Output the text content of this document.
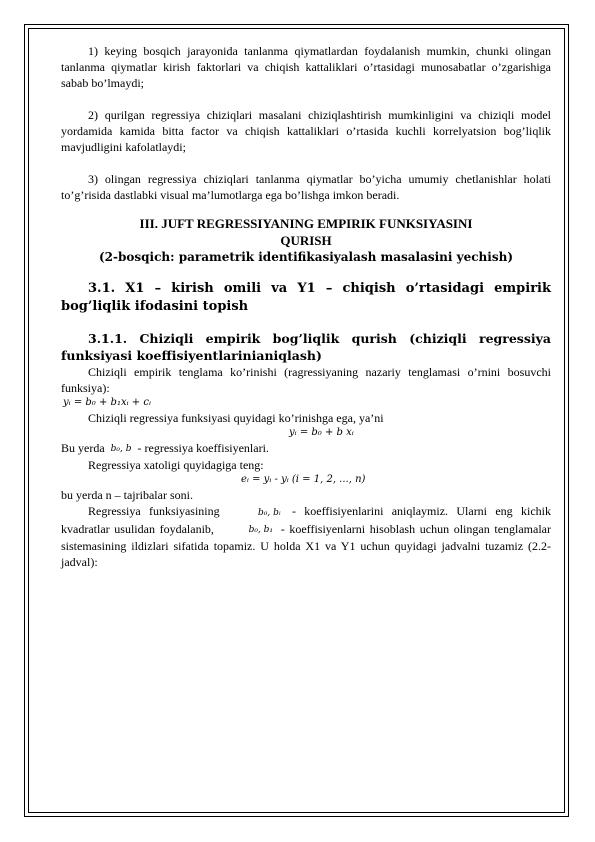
1) keying bosqich jarayonida tanlanma qiymatlardan foydalanish mumkin, chunki olingan tanlanma qiymatlar kirish faktorlari va chiqish kattaliklari o’rtasidagi munosabatlar o’zgarishiga sabab bo’lmaydi;

2) qurilgan regressiya chiziqlari masalani chiziqlashtirish mumkinligini va chiziqli model yordamida kamida bitta factor va chiqish kattaliklari o’rtasida kuchli korrelyatsion bog’liqlik mavjudligini kafolatlaydi;

3) olingan regressiya chiziqlari tanlanma qiymatlar bo’yicha umumiy chetlanishlar holati to’g’risida dastlabki visual ma’lumotlarga ega bo’lishga imkon beradi.

III. JUFT REGRESSIYANING EMPIRIK FUNKSIYASINI

QURISH

(2-bosqich: parametrik identifikasiyalash masalasini yechish)

3.1. X1 – kirish omili va Y1 – chiqish o’rtasidagi empirik bog’liqlik ifodasini topish

3.1.1. Chiziqli empirik bog’liqlik qurish (chiziqli regressiya funksiyasi koeffisiyentlarinianiqlash)

Chiziqli empirik tenglama ko’rinishi (ragressiyaning nazariy tenglamasi o’rnini bosuvchi funksiya):

yᵢ = b₀ + b₁xᵢ + cᵢ

Chiziqli regressiya funksiyasi quyidagi ko’rinishga ega, ya’ni

yᵢ = b₀ + b xᵢ

Bu yerda b₀, b - regressiya koeffisiyenlari.

Regressiya xatoligi quyidagiga teng:

eᵢ = yᵢ - yᵢ (i = 1, 2, ..., n)

bu yerda n – tajribalar soni.

Regressiya funksiyasining	b₀, bᵢ - koeffisiyenlarini aniqlaymiz. Ularni eng kichik kvadratlar usulidan foydalanib,	b₀, b₁ - koeffisiyenlarni hisoblash uchun olingan tenglamalar sistemasining ildizlari sifatida topamiz. U holda X1 va Y1 uchun quyidagi jadvalni tuzamiz (2.2-jadval):
